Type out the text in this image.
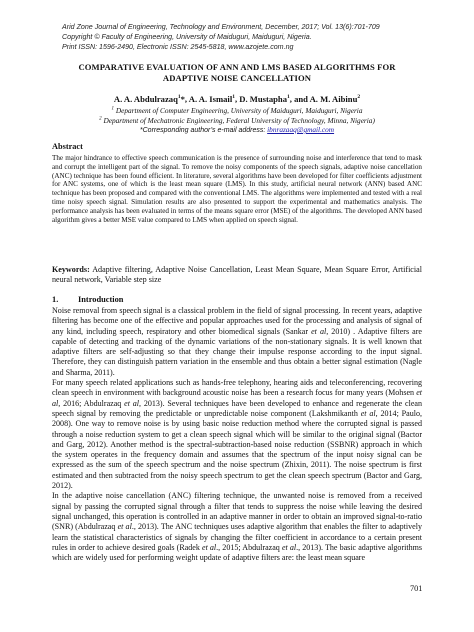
Arid Zone Journal of Engineering, Technology and Environment, December, 2017; Vol. 13(6):701-709
Copyright © Faculty of Engineering, University of Maiduguri, Maiduguri, Nigeria.
Print ISSN: 1596-2490, Electronic ISSN: 2545-5818, www.azojete.com.ng
COMPARATIVE EVALUATION OF ANN AND LMS BASED ALGORITHMS FOR
ADAPTIVE NOISE CANCELLATION
A. A. Abdulrazaq$^1$*, A. A. Ismail$^1$, D. Mustapha$^1$, and A. M. Aibinu$^2$
$^1$ Department of Computer Engineering, University of Maiduguri, Maiduguri, Nigeria
$^2$ Department of Mechatronic Engineering, Federal University of Technology, Minna, Nigeria)
*Corresponding author’s e-mail address: ibnrazaaq@gmail.com
Abstract
The major hindrance to effective speech communication is the presence of surrounding noise and interference that tend to mask and corrupt the intelligent part of the signal. To remove the noisy components of the speech signals, adaptive noise cancellation (ANC) technique has been found efficient. In literature, several algorithms have been developed for filter coefficients adjustment for ANC systems, one of which is the least mean square (LMS). In this study, artificial neural network (ANN) based ANC technique has been proposed and compared with the conventional LMS. The algorithms were implemented and tested with a real time noisy speech signal. Simulation results are also presented to support the experimental and mathematics analysis. The performance analysis has been evaluated in terms of the means square error (MSE) of the algorithms. The developed ANN based algorithm gives a better MSE value compared to LMS when applied on speech signal.
Keywords: Adaptive filtering, Adaptive Noise Cancellation, Least Mean Square, Mean Square Error, Artificial neural network, Variable step size
1. Introduction

Noise removal from speech signal is a classical problem in the field of signal processing. In recent years, adaptive filtering has become one of the effective and popular approaches used for the processing and analysis of signal of any kind, including speech, respiratory and other biomedical signals (Sankar et al, 2010) . Adaptive filters are capable of detecting and tracking of the dynamic variations of the non-stationary signals. It is well known that adaptive filters are self-adjusting so that they change their impulse response according to the input signal. Therefore, they can distinguish pattern variation in the ensemble and thus obtain a better signal estimation (Nagle and Sharma, 2011).

For many speech related applications such as hands-free telephony, hearing aids and teleconferencing, recovering clean speech in environment with background acoustic noise has been a research focus for many years (Mohsen et al, 2016; Abdulrazaq et al, 2013). Several techniques have been developed to enhance and regenerate the clean speech signal by removing the predictable or unpredictable noise component (Lakshmikanth et al, 2014; Paulo, 2008). One way to remove noise is by using basic noise reduction method where the corrupted signal is passed through a noise reduction system to get a clean speech signal which will be similar to the original signal (Bactor and Garg, 2012). Another method is the spectral-subtraction-based noise reduction (SSBNR) approach in which the system operates in the frequency domain and assumes that the spectrum of the input noisy signal can be expressed as the sum of the speech spectrum and the noise spectrum (Zhixin, 2011). The noise spectrum is first estimated and then subtracted from the noisy speech spectrum to get the clean speech spectrum (Bactor and Garg, 2012).

In the adaptive noise cancellation (ANC) filtering technique, the unwanted noise is removed from a received signal by passing the corrupted signal through a filter that tends to suppress the noise while leaving the desired signal unchanged, this operation is controlled in an adaptive manner in order to obtain an improved signal-to-ratio (SNR) (Abdulrazaq et al., 2013). The ANC techniques uses adaptive algorithm that enables the filter to adaptively learn the statistical characteristics of signals by changing the filter coefficient in accordance to a certain present rules in order to achieve desired goals (Radek et al., 2015; Abdulrazaq et al., 2013). The basic adaptive algorithms which are widely used for performing weight update of adaptive filters are: the least mean square

701
